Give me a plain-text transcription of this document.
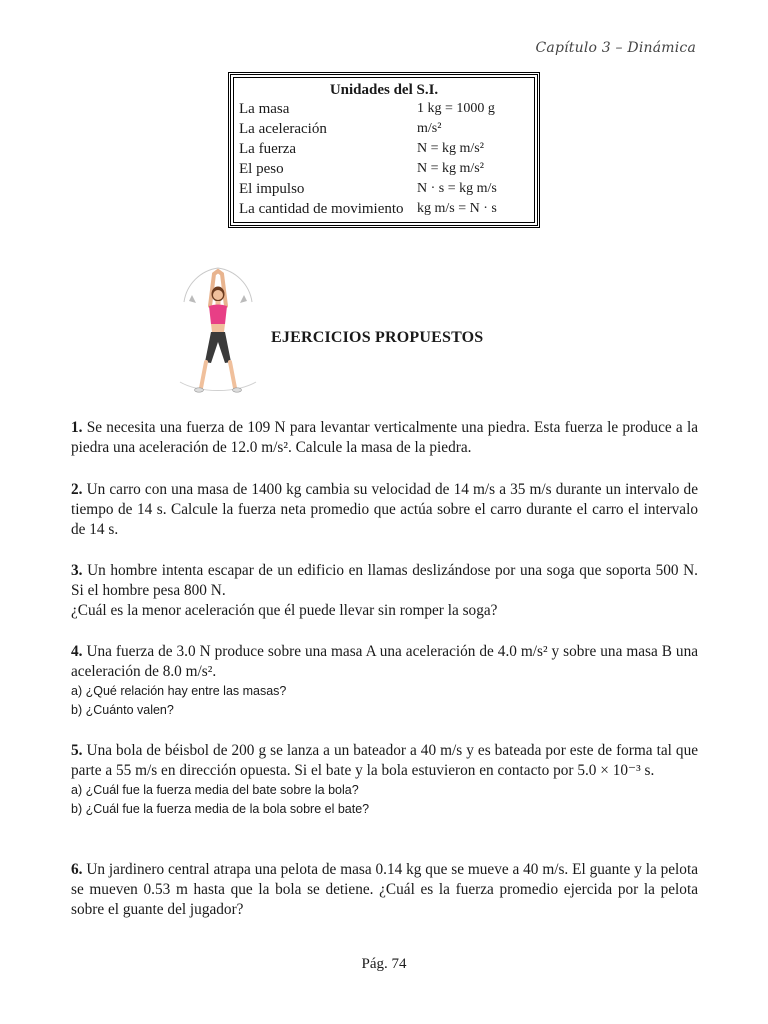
Capítulo 3 – Dinámica
Unidades del S.I.
La masa	1 kg = 1000 g
La aceleración	m/s²
La fuerza	N = kg m/s²
El peso	N = kg m/s²
El impulso	N · s = kg m/s
La cantidad de movimiento	kg m/s = N · s
EJERCICIOS PROPUESTOS

1. Se necesita una fuerza de 109 N para levantar verticalmente una piedra. Esta fuerza le produce a la piedra una aceleración de 12.0 m/s². Calcule la masa de la piedra.

2. Un carro con una masa de 1400 kg cambia su velocidad de 14 m/s a 35 m/s durante un intervalo de tiempo de 14 s. Calcule la fuerza neta promedio que actúa sobre el carro durante el carro el intervalo de 14 s.

3. Un hombre intenta escapar de un edificio en llamas deslizándose por una soga que soporta 500 N. Si el hombre pesa 800 N.

¿Cuál es la menor aceleración que él puede llevar sin romper la soga?

4. Una fuerza de 3.0 N produce sobre una masa A una aceleración de 4.0 m/s² y sobre una masa B una aceleración de 8.0 m/s².

a) ¿Qué relación hay entre las masas?
b) ¿Cuánto valen?

5. Una bola de béisbol de 200 g se lanza a un bateador a 40 m/s y es bateada por este de forma tal que parte a 55 m/s en dirección opuesta. Si el bate y la bola estuvieron en contacto por 5.0 × 10⁻³ s.

a) ¿Cuál fue la fuerza media del bate sobre la bola?
b) ¿Cuál fue la fuerza media de la bola sobre el bate?

6. Un jardinero central atrapa una pelota de masa 0.14 kg que se mueve a 40 m/s. El guante y la pelota se mueven 0.53 m hasta que la bola se detiene. ¿Cuál es la fuerza promedio ejercida por la pelota sobre el guante del jugador?

Pág. 74
